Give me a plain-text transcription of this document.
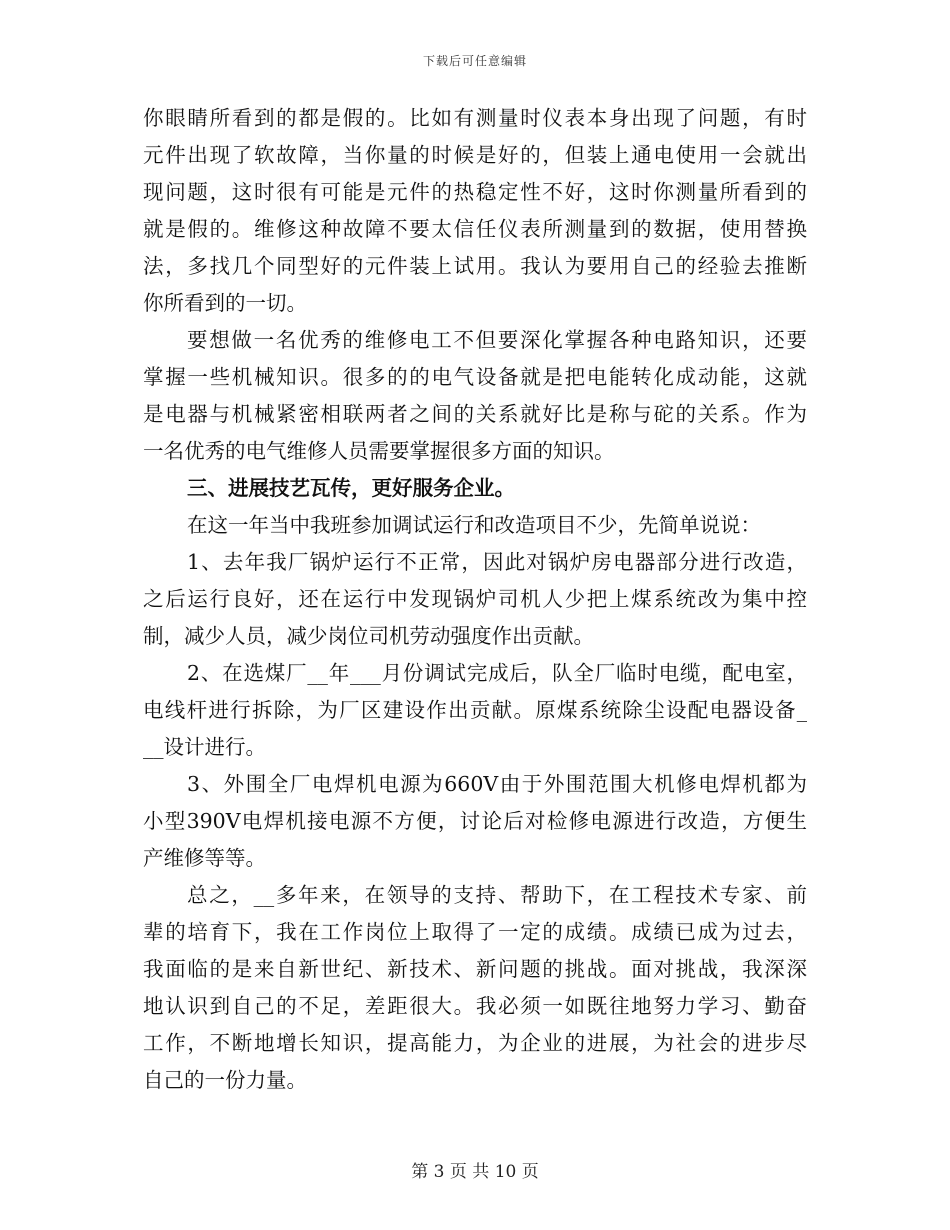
下载后可任意编辑
你眼睛所看到的都是假的。比如有测量时仪表本身出现了问题，有时
元件出现了软故障，当你量的时候是好的，但装上通电使用一会就出
现问题，这时很有可能是元件的热稳定性不好，这时你测量所看到的
就是假的。维修这种故障不要太信任仪表所测量到的数据，使用替换
法，多找几个同型好的元件装上试用。我认为要用自己的经验去推断
你所看到的一切。
要想做一名优秀的维修电工不但要深化掌握各种电路知识，还要
掌握一些机械知识。很多的的电气设备就是把电能转化成动能，这就
是电器与机械紧密相联两者之间的关系就好比是称与砣的关系。作为
一名优秀的电气维修人员需要掌握很多方面的知识。
三、进展技艺瓦传，更好服务企业。
在这一年当中我班参加调试运行和改造项目不少，先简单说说：
1、去年我厂锅炉运行不正常，因此对锅炉房电器部分进行改造，
之后运行良好，还在运行中发现锅炉司机人少把上煤系统改为集中控
制，减少人员，减少岗位司机劳动强度作出贡献。
2、在选煤厂__年___月份调试完成后，队全厂临时电缆，配电室，
电线杆进行拆除，为厂区建设作出贡献。原煤系统除尘设配电器设备_
__设计进行。
3、外围全厂电焊机电源为660V由于外围范围大机修电焊机都为
小型390V电焊机接电源不方便，讨论后对检修电源进行改造，方便生
产维修等等。
总之，__多年来，在领导的支持、帮助下，在工程技术专家、前
辈的培育下，我在工作岗位上取得了一定的成绩。成绩已成为过去，
我面临的是来自新世纪、新技术、新问题的挑战。面对挑战，我深深
地认识到自己的不足，差距很大。我必须一如既往地努力学习、勤奋
工作，不断地增长知识，提高能力，为企业的进展，为社会的进步尽
自己的一份力量。
第 3 页 共 10 页
